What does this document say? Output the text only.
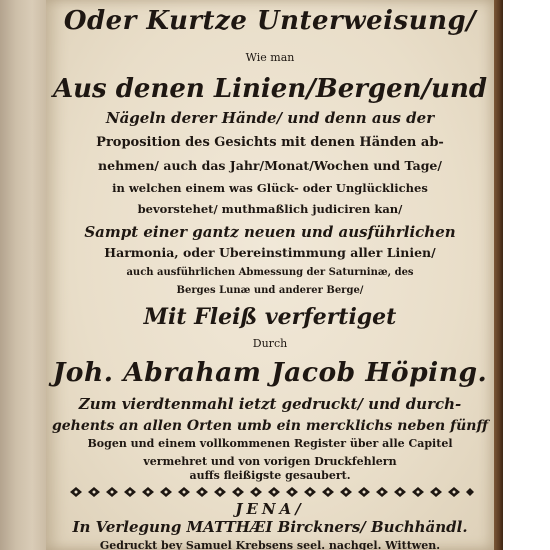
Oder Kurtze Unterweisung/
Wie man
Aus denen Linien/Bergen/und
Nägeln derer Hände/ und denn aus der
Proposition des Gesichts mit denen Händen ab-
nehmen/ auch das Jahr/Monat/Wochen und Tage/
in welchen einem was Glück- oder Unglückliches
bevorstehet/ muthmaßlich judiciren kan/
Sampt einer gantz neuen und ausführlichen
Harmonia, oder Ubereinstimmung aller Linien/
auch ausführlichen Abmessung der Saturninæ, des
Berges Lunæ und anderer Berge/
Mit Fleiß verfertiget
Durch
Joh. Abraham Jacob Höping.
Zum vierdtenmahl ietzt gedruckt/ und durch-
gehents an allen Orten umb ein mercklichs neben fünff
Bogen und einem vollkommenen Register über alle Capitel
vermehret und von vorigen Druckfehlern
auffs fleißigste gesaubert.
JENA/
In Verlegung MATTHÆI Birckners/ Buchhändl.
Gedruckt bey Samuel Krebsens seel. nachgel. Wittwen.
